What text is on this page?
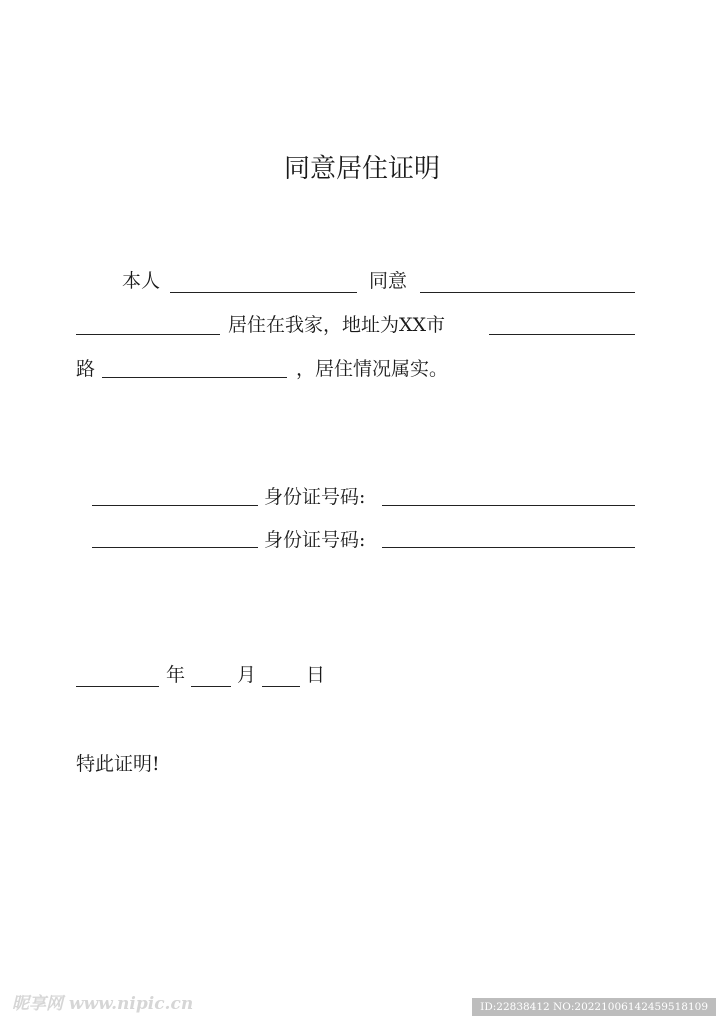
同意居住证明
本人	同意
居住在我家，地址为XX市
路	，居住情况属实。
身份证号码:
身份证号码:
年	月	日
特此证明!
昵享网 www.nipic.cn	ID:22838412 NO:20221006142459518109
